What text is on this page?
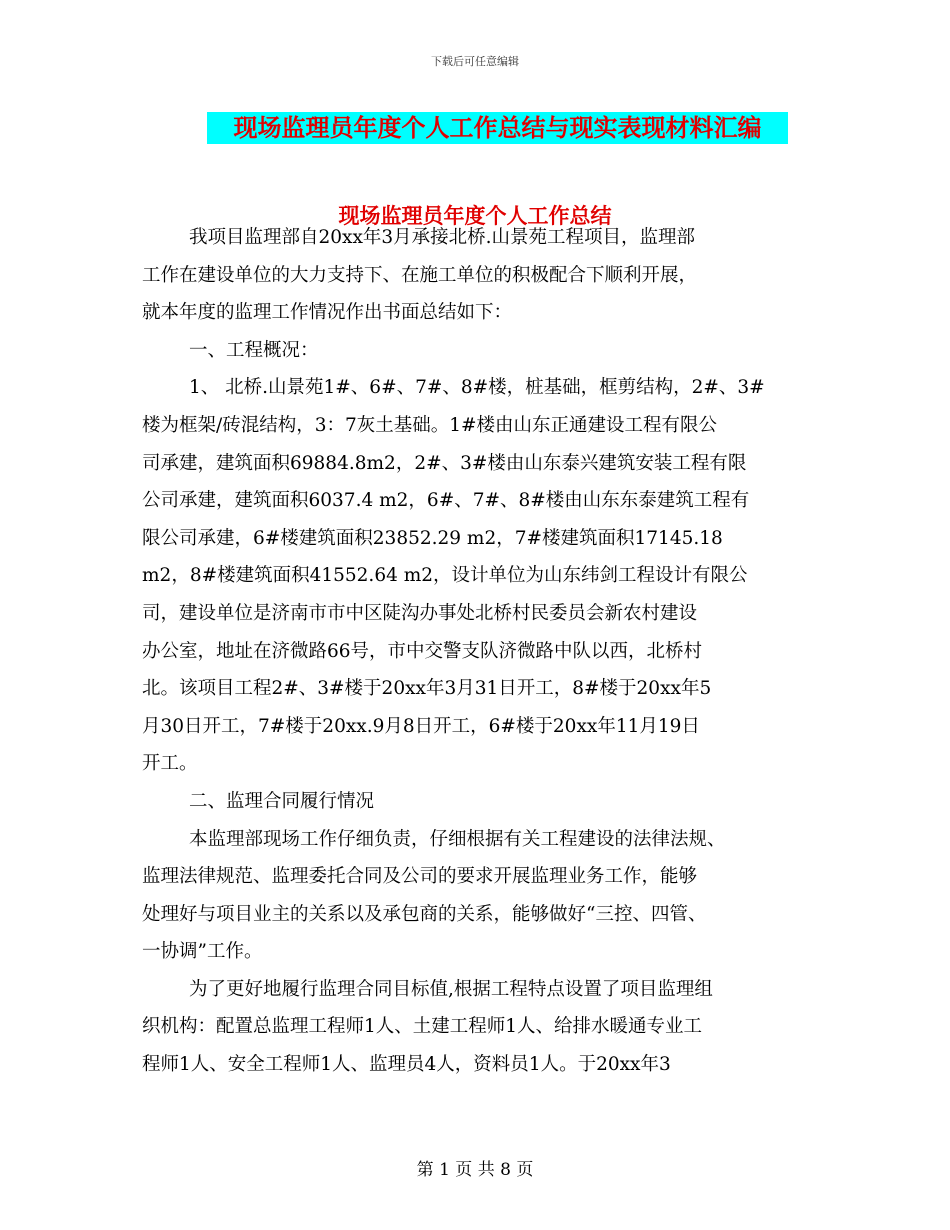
下载后可任意编辑
现场监理员年度个人工作总结与现实表现材料汇编
现场监理员年度个人工作总结
我项目监理部自20xx年3月承接北桥.山景苑工程项目，监理部
工作在建设单位的大力支持下、在施工单位的积极配合下顺利开展，
就本年度的监理工作情况作出书面总结如下：
一、工程概况：
1、 北桥.山景苑1#、6#、7#、8#楼，桩基础，框剪结构，2#、3#
楼为框架/砖混结构，3：7灰土基础。1#楼由山东正通建设工程有限公
司承建，建筑面积69884.8m2，2#、3#楼由山东泰兴建筑安装工程有限
公司承建，建筑面积6037.4 m2，6#、7#、8#楼由山东东泰建筑工程有
限公司承建，6#楼建筑面积23852.29 m2，7#楼建筑面积17145.18
m2，8#楼建筑面积41552.64 m2，设计单位为山东纬剑工程设计有限公
司，建设单位是济南市市中区陡沟办事处北桥村民委员会新农村建设
办公室，地址在济微路66号，市中交警支队济微路中队以西，北桥村
北。该项目工程2#、3#楼于20xx年3月31日开工，8#楼于20xx年5
月30日开工，7#楼于20xx.9月8日开工，6#楼于20xx年11月19日
开工。
二、监理合同履行情况
本监理部现场工作仔细负责，仔细根据有关工程建设的法律法规、
监理法律规范、监理委托合同及公司的要求开展监理业务工作，能够
处理好与项目业主的关系以及承包商的关系，能够做好“三控、四管、
一协调”工作。
为了更好地履行监理合同目标值,根据工程特点设置了项目监理组
织机构：配置总监理工程师1人、土建工程师1人、给排水暖通专业工
程师1人、安全工程师1人、监理员4人，资料员1人。于20xx年3
第 1 页 共 8 页
